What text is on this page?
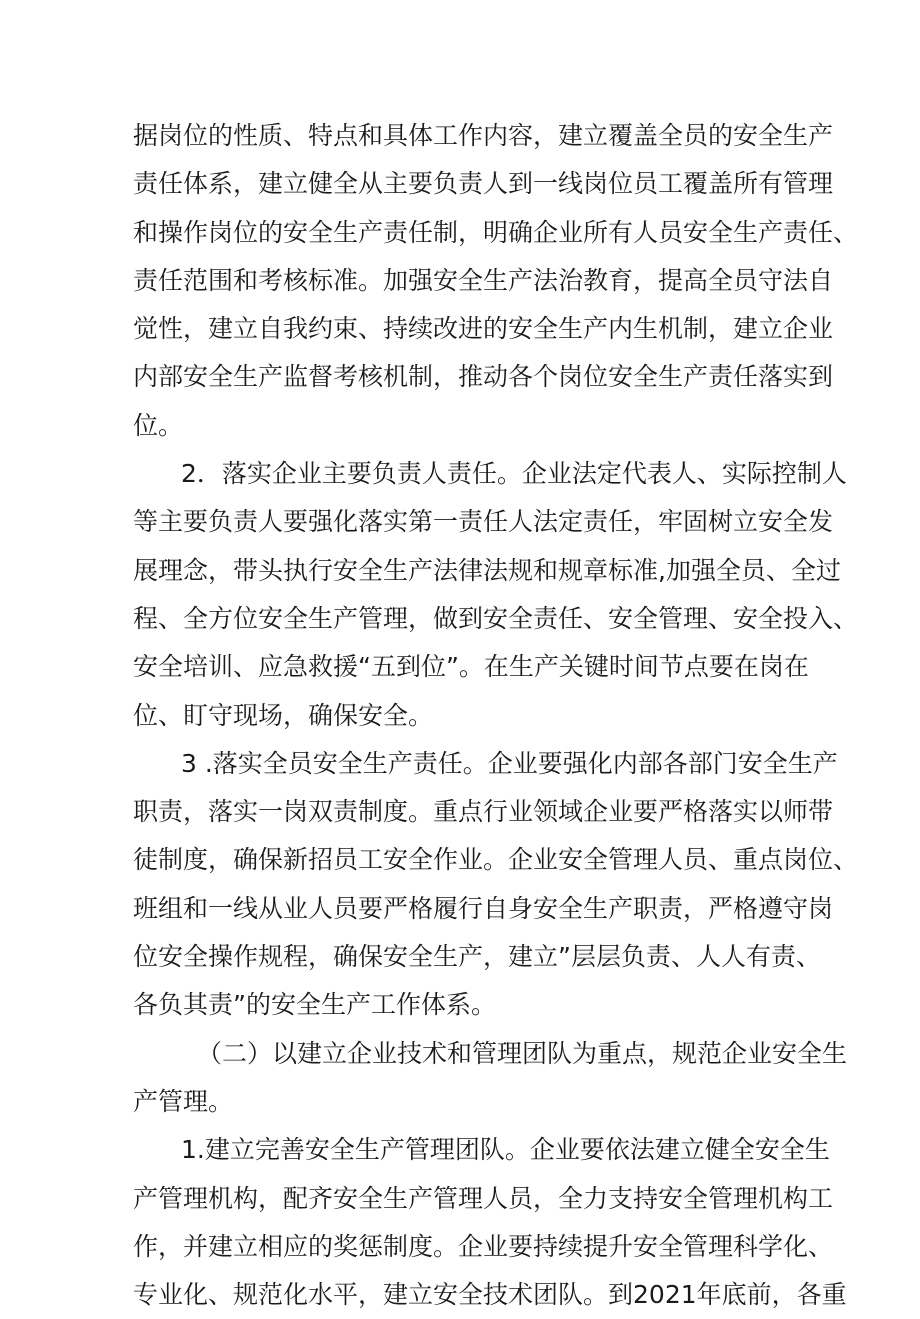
据岗位的性质、特点和具体工作内容，建立覆盖全员的安全生产
责任体系，建立健全从主要负责人到一线岗位员工覆盖所有管理
和操作岗位的安全生产责任制，明确企业所有人员安全生产责任、
责任范围和考核标准。加强安全生产法治教育，提高全员守法自
觉性，建立自我约束、持续改进的安全生产内生机制，建立企业
内部安全生产监督考核机制，推动各个岗位安全生产责任落实到
位。
2．落实企业主要负责人责任。企业法定代表人、实际控制人
等主要负责人要强化落实第一责任人法定责任，牢固树立安全发
展理念，带头执行安全生产法律法规和规章标准,加强全员、全过
程、全方位安全生产管理，做到安全责任、安全管理、安全投入、
安全培训、应急救援“五到位”。在生产关键时间节点要在岗在
位、盯守现场，确保安全。
3 .落实全员安全生产责任。企业要强化内部各部门安全生产
职责，落实一岗双责制度。重点行业领域企业要严格落实以师带
徒制度，确保新招员工安全作业。企业安全管理人员、重点岗位、
班组和一线从业人员要严格履行自身安全生产职责，严格遵守岗
位安全操作规程，确保安全生产，建立”层层负责、人人有责、
各负其责”的安全生产工作体系。
（二）以建立企业技术和管理团队为重点，规范企业安全生
产管理。
1.建立完善安全生产管理团队。企业要依法建立健全安全生
产管理机构，配齐安全生产管理人员，全力支持安全管理机构工
作，并建立相应的奖惩制度。企业要持续提升安全管理科学化、
专业化、规范化水平，建立安全技术团队。到2021年底前，各重
